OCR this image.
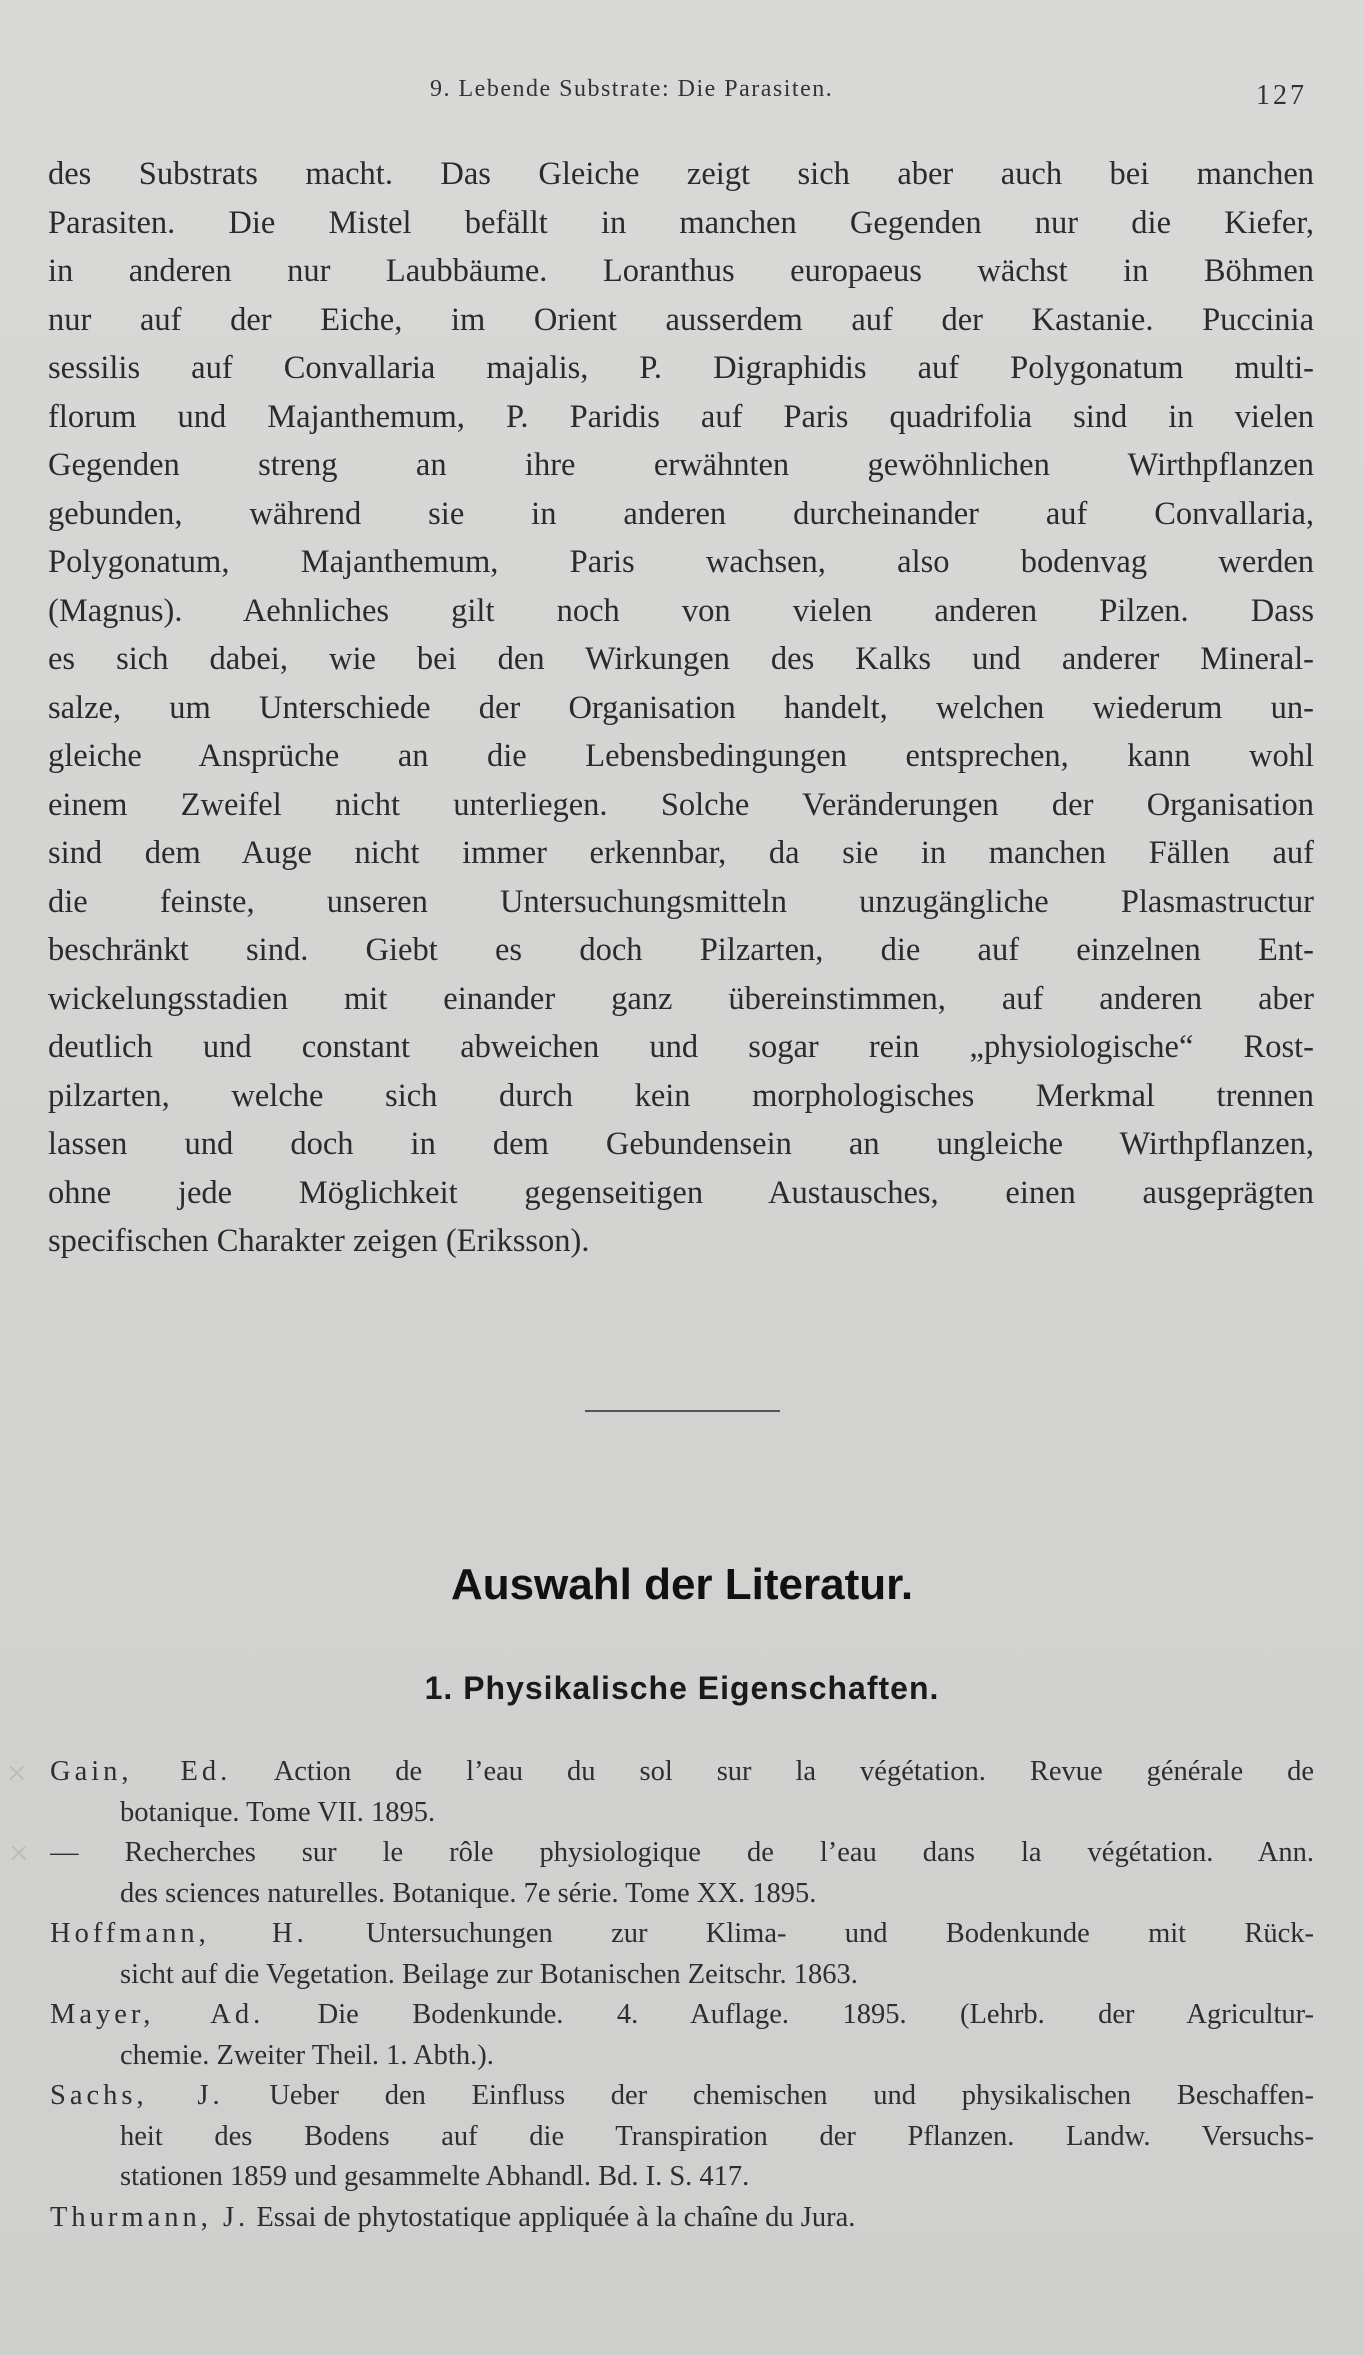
9. Lebende Substrate: Die Parasiten.	127
des Substrats macht. Das Gleiche zeigt sich aber auch bei manchen
Parasiten. Die Mistel befällt in manchen Gegenden nur die Kiefer,
in anderen nur Laubbäume. Loranthus europaeus wächst in Böhmen
nur auf der Eiche, im Orient ausserdem auf der Kastanie. Puccinia
sessilis auf Convallaria majalis, P. Digraphidis auf Polygonatum multi-
florum und Majanthemum, P. Paridis auf Paris quadrifolia sind in vielen
Gegenden streng an ihre erwähnten gewöhnlichen Wirthpflanzen
gebunden, während sie in anderen durcheinander auf Convallaria,
Polygonatum, Majanthemum, Paris wachsen, also bodenvag werden
(Magnus). Aehnliches gilt noch von vielen anderen Pilzen. Dass
es sich dabei, wie bei den Wirkungen des Kalks und anderer Mineral-
salze, um Unterschiede der Organisation handelt, welchen wiederum un-
gleiche Ansprüche an die Lebensbedingungen entsprechen, kann wohl
einem Zweifel nicht unterliegen. Solche Veränderungen der Organisation
sind dem Auge nicht immer erkennbar, da sie in manchen Fällen auf
die feinste, unseren Untersuchungsmitteln unzugängliche Plasmastructur
beschränkt sind. Giebt es doch Pilzarten, die auf einzelnen Ent-
wickelungsstadien mit einander ganz übereinstimmen, auf anderen aber
deutlich und constant abweichen und sogar rein „physiologische“ Rost-
pilzarten, welche sich durch kein morphologisches Merkmal trennen
lassen und doch in dem Gebundensein an ungleiche Wirthpflanzen,
ohne jede Möglichkeit gegenseitigen Austausches, einen ausgeprägten
specifischen Charakter zeigen (Eriksson).
Auswahl der Literatur.
1. Physikalische Eigenschaften.
×
×
Gain, Ed. Action de l’eau du sol sur la végétation. Revue générale de
botanique. Tome VII. 1895.
— Recherches sur le rôle physiologique de l’eau dans la végétation. Ann.
des sciences naturelles. Botanique. 7e série. Tome XX. 1895.
Hoffmann, H. Untersuchungen zur Klima- und Bodenkunde mit Rück-
sicht auf die Vegetation. Beilage zur Botanischen Zeitschr. 1863.
Mayer, Ad. Die Bodenkunde. 4. Auflage. 1895. (Lehrb. der Agricultur-
chemie. Zweiter Theil. 1. Abth.).
Sachs, J. Ueber den Einfluss der chemischen und physikalischen Beschaffen-
heit des Bodens auf die Transpiration der Pflanzen. Landw. Versuchs-
stationen 1859 und gesammelte Abhandl. Bd. I. S. 417.
Thurmann, J. Essai de phytostatique appliquée à la chaîne du Jura.
